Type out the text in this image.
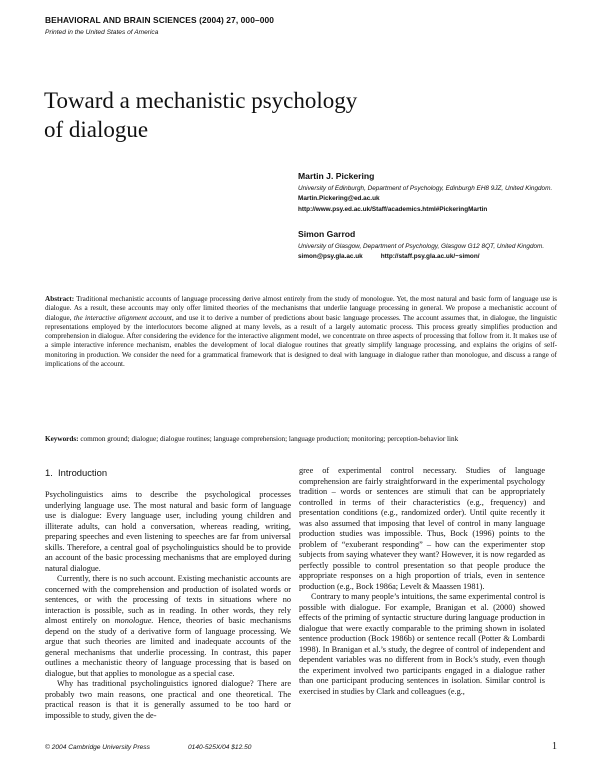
BEHAVIORAL AND BRAIN SCIENCES (2004) 27, 000–000
Printed in the United States of America
Toward a mechanistic psychology
of dialogue
Martin J. Pickering
University of Edinburgh, Department of Psychology, Edinburgh EH8 9JZ, United Kingdom.
Martin.Pickering@ed.ac.uk
http://www.psy.ed.ac.uk/Staff/academics.html#PickeringMartin
Simon Garrod
University of Glasgow, Department of Psychology, Glasgow G12 8QT, United Kingdom.
simon@psy.gla.ac.uk	http://staff.psy.gla.ac.uk/~simon/
Abstract: Traditional mechanistic accounts of language processing derive almost entirely from the study of monologue. Yet, the most natural and basic form of language use is dialogue. As a result, these accounts may only offer limited theories of the mechanisms that underlie language processing in general. We propose a mechanistic account of dialogue, the interactive alignment account, and use it to derive a number of predictions about basic language processes. The account assumes that, in dialogue, the linguistic representations employed by the interlocutors become aligned at many levels, as a result of a largely automatic process. This process greatly simplifies production and comprehension in dialogue. After considering the evidence for the interactive alignment model, we concentrate on three aspects of processing that follow from it. It makes use of a simple interactive inference mechanism, enables the development of local dialogue routines that greatly simplify language processing, and explains the origins of self-monitoring in production. We consider the need for a grammatical framework that is designed to deal with language in dialogue rather than monologue, and discuss a range of implications of the account.
Keywords: common ground; dialogue; dialogue routines; language comprehension; language production; monitoring; perception-behavior link
1. Introduction

Psycholinguistics aims to describe the psychological processes underlying language use. The most natural and basic form of language use is dialogue: Every language user, including young children and illiterate adults, can hold a conversation, whereas reading, writing, preparing speeches and even listening to speeches are far from universal skills. Therefore, a central goal of psycholinguistics should be to provide an account of the basic processing mechanisms that are employed during natural dialogue.

Currently, there is no such account. Existing mechanistic accounts are concerned with the comprehension and production of isolated words or sentences, or with the processing of texts in situations where no interaction is possible, such as in reading. In other words, they rely almost entirely on monologue. Hence, theories of basic mechanisms depend on the study of a derivative form of language processing. We argue that such theories are limited and inadequate accounts of the general mechanisms that underlie processing. In contrast, this paper outlines a mechanistic theory of language processing that is based on dialogue, but that applies to monologue as a special case.

Why has traditional psycholinguistics ignored dialogue? There are probably two main reasons, one practical and one theoretical. The practical reason is that it is generally assumed to be too hard or impossible to study, given the de-

gree of experimental control necessary. Studies of language comprehension are fairly straightforward in the experimental psychology tradition – words or sentences are stimuli that can be appropriately controlled in terms of their characteristics (e.g., frequency) and presentation conditions (e.g., randomized order). Until quite recently it was also assumed that imposing that level of control in many language production studies was impossible. Thus, Bock (1996) points to the problem of “exuberant responding” – how can the experimenter stop subjects from saying whatever they want? However, it is now regarded as perfectly possible to control presentation so that people produce the appropriate responses on a high proportion of trials, even in sentence production (e.g., Bock 1986a; Levelt & Maassen 1981).

Contrary to many people’s intuitions, the same experimental control is possible with dialogue. For example, Branigan et al. (2000) showed effects of the priming of syntactic structure during language production in dialogue that were exactly comparable to the priming shown in isolated sentence production (Bock 1986b) or sentence recall (Potter & Lombardi 1998). In Branigan et al.’s study, the degree of control of independent and dependent variables was no different from in Bock’s study, even though the experiment involved two participants engaged in a dialogue rather than one participant producing sentences in isolation. Similar control is exercised in studies by Clark and colleagues (e.g.,

© 2004 Cambridge University Press	0140-525X/04 $12.50	1
